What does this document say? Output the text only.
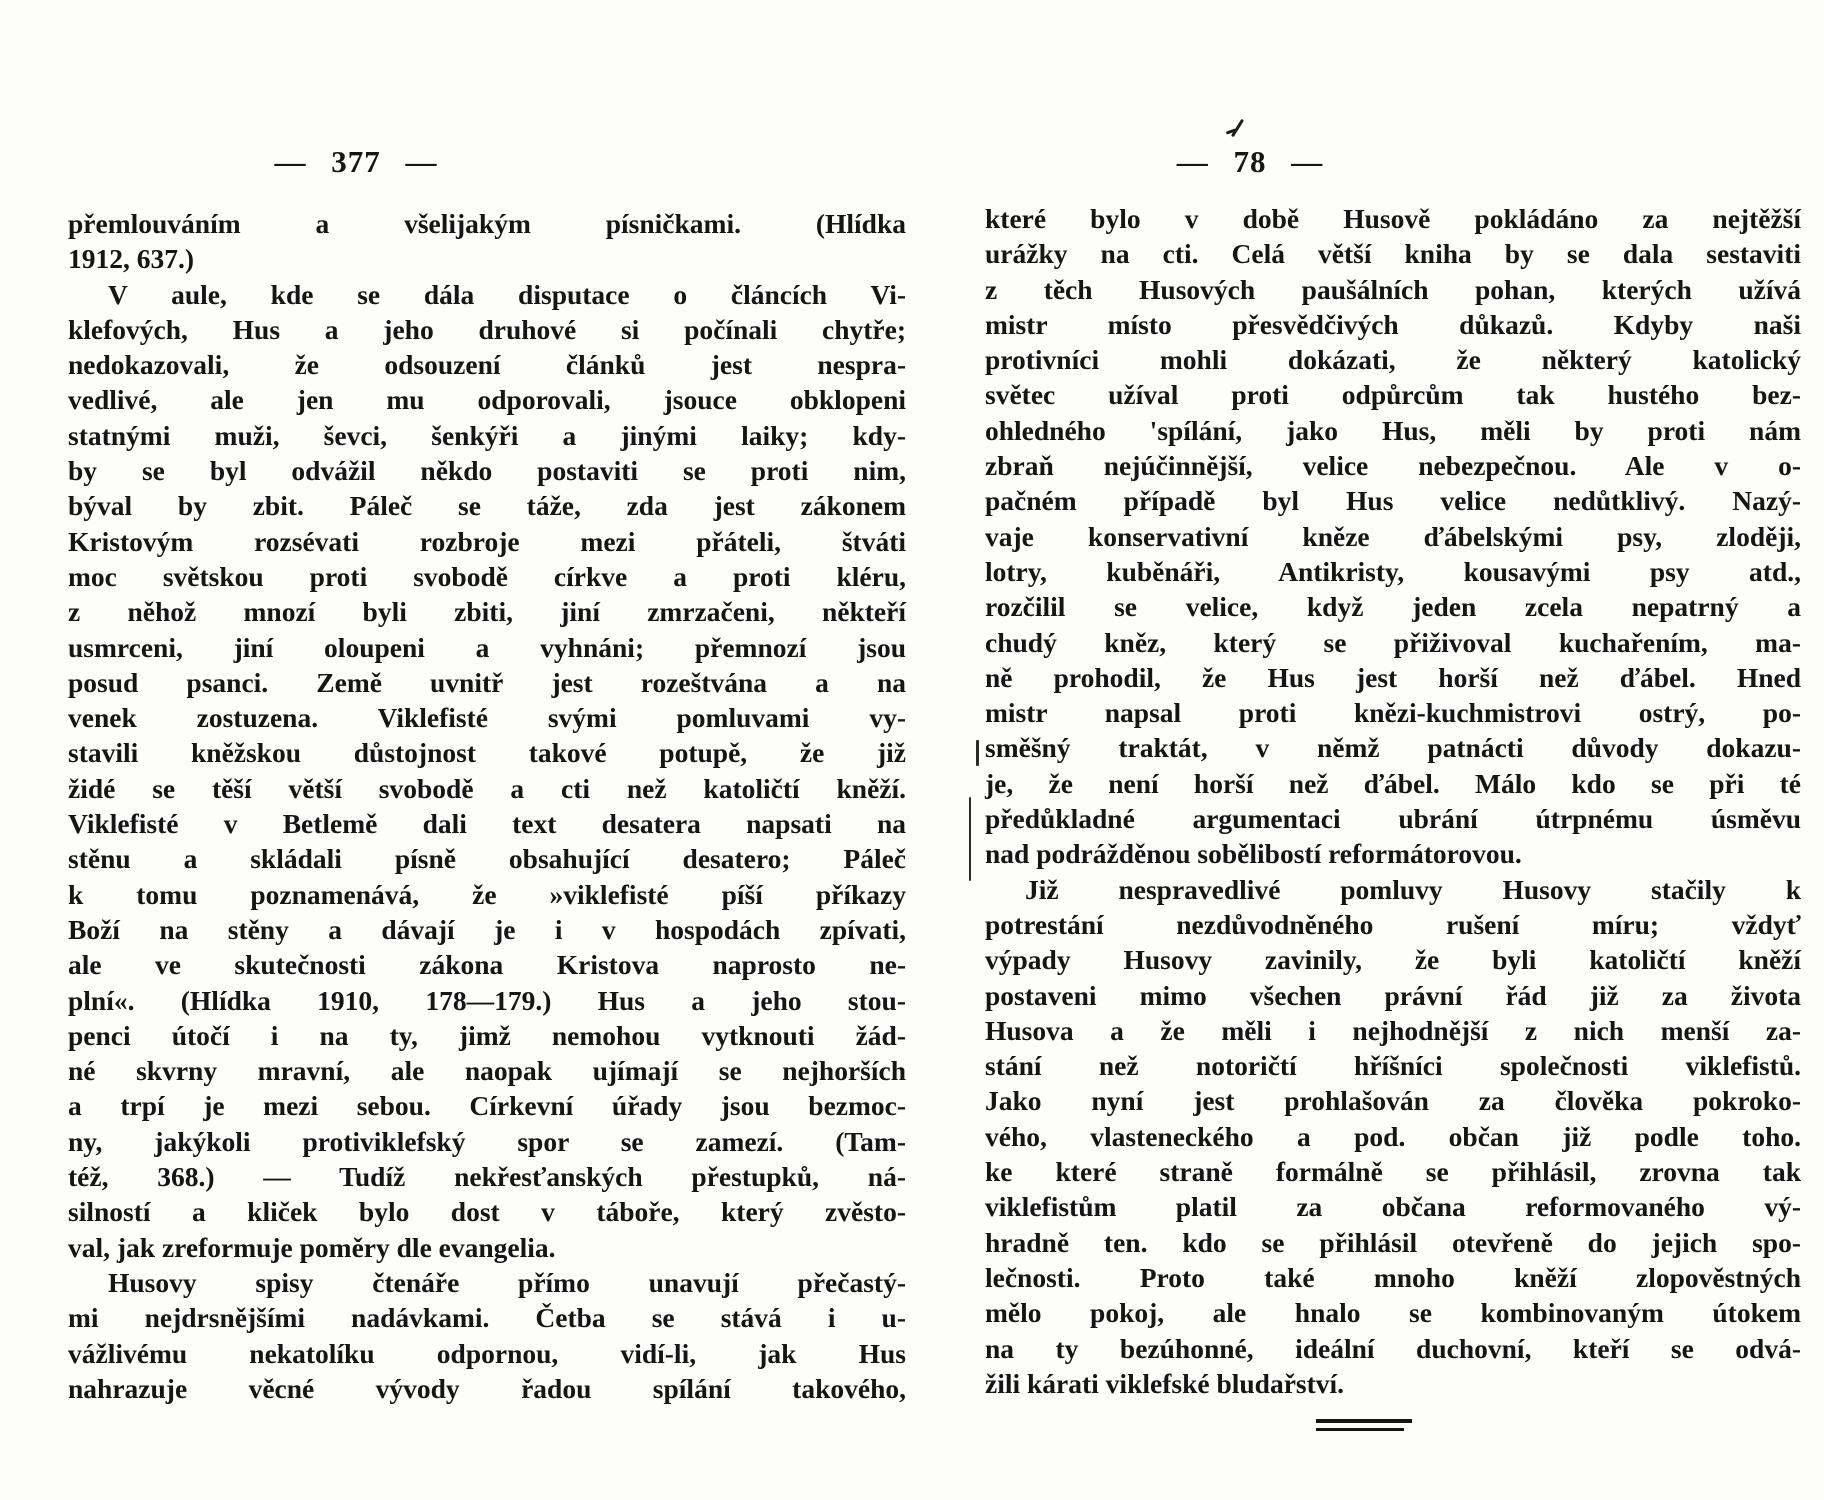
— 377 —	— 78 —
přemlouváním a všelijakým písničkami. (Hlídka
1912, 637.)
V aule, kde se dála disputace o článcích Vi-
klefových, Hus a jeho druhové si počínali chytře;
nedokazovali, že odsouzení článků jest nespra-
vedlivé, ale jen mu odporovali, jsouce obklopeni
statnými muži, ševci, šenkýři a jinými laiky; kdy-
by se byl odvážil někdo postaviti se proti nim,
býval by zbit. Páleč se táže, zda jest zákonem
Kristovým rozsévati rozbroje mezi přáteli, štváti
moc světskou proti svobodě církve a proti kléru,
z něhož mnozí byli zbiti, jiní zmrzačeni, někteří
usmrceni, jiní oloupeni a vyhnáni; přemnozí jsou
posud psanci. Země uvnitř jest rozeštvána a na
venek zostuzena. Viklefisté svými pomluvami vy-
stavili kněžskou důstojnost takové potupě, že již
židé se těší větší svobodě a cti než katoličtí kněží.
Viklefisté v Betlemě dali text desatera napsati na
stěnu a skládali písně obsahující desatero; Páleč
k tomu poznamenává, že »viklefisté píší příkazy
Boží na stěny a dávají je i v hospodách zpívati,
ale ve skutečnosti zákona Kristova naprosto ne-
plní«. (Hlídka 1910, 178—179.) Hus a jeho stou-
penci útočí i na ty, jimž nemohou vytknouti žád-
né skvrny mravní, ale naopak ujímají se nejhorších
a trpí je mezi sebou. Církevní úřady jsou bezmoc-
ny, jakýkoli protiviklefský spor se zamezí. (Tam-
též, 368.) — Tudíž nekřesťanských přestupků, ná-
silností a kliček bylo dost v táboře, který zvěsto-
val, jak zreformuje poměry dle evangelia.
Husovy spisy čtenáře přímo unavují přečastý-
mi nejdrsnějšími nadávkami. Četba se stává i u-
vážlivému nekatolíku odpornou, vidí-li, jak Hus
nahrazuje věcné vývody řadou spílání takového,
které bylo v době Husově pokládáno za nejtěžší
urážky na cti. Celá větší kniha by se dala sestaviti
z těch Husových paušálních pohan, kterých užívá
mistr místo přesvědčivých důkazů. Kdyby naši
protivníci mohli dokázati, že některý katolický
světec užíval proti odpůrcům tak hustého bez-
ohledného 'spílání, jako Hus, měli by proti nám
zbraň nejúčinnější, velice nebezpečnou. Ale v o-
pačném případě byl Hus velice nedůtklivý. Nazý-
vaje konservativní kněze ďábelskými psy, zloději,
lotry, kuběnáři, Antikristy, kousavými psy atd.,
rozčilil se velice, když jeden zcela nepatrný a
chudý kněz, který se přiživoval kuchařením, ma-
ně prohodil, že Hus jest horší než ďábel. Hned
mistr napsal proti knězi-kuchmistrovi ostrý, po-
směšný traktát, v němž patnácti důvody dokazu-
je, že není horší než ďábel. Málo kdo se při té
předůkladné argumentaci ubrání útrpnému úsměvu
nad podrážděnou sobělibostí reformátorovou.
Již nespravedlivé pomluvy Husovy stačily k
potrestání nezdůvodněného rušení míru; vždyť
výpady Husovy zavinily, že byli katoličtí kněží
postaveni mimo všechen právní řád již za života
Husova a že měli i nejhodnější z nich menší za-
stání než notoričtí hříšníci společnosti viklefistů.
Jako nyní jest prohlašován za člověka pokroko-
vého, vlasteneckého a pod. občan již podle toho.
ke které straně formálně se přihlásil, zrovna tak
viklefistům platil za občana reformovaného vý-
hradně ten. kdo se přihlásil otevřeně do jejich spo-
lečnosti. Proto také mnoho kněží zlopověstných
mělo pokoj, ale hnalo se kombinovaným útokem
na ty bezúhonné, ideální duchovní, kteří se odvá-
žili kárati viklefské bludařství.
